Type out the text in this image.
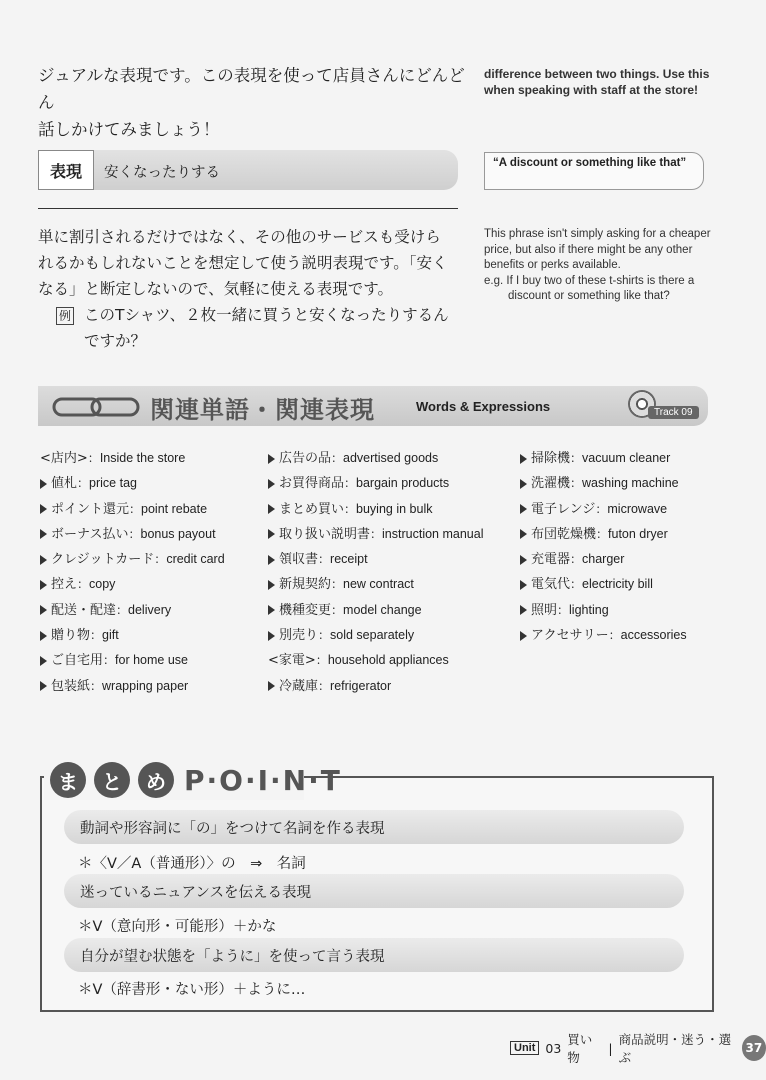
ジュアルな表現です。この表現を使って店員さんにどんどん
話しかけてみましょう！
difference between two things. Use this when speaking with staff at the store!
表現	安くなったりする
“A discount or something like that”
単に割引されるだけではなく、その他のサービスも受けら
れるかもしれないことを想定して使う説明表現です。「安く
なる」と断定しないので、気軽に使える表現です。
例 このTシャツ、２枚一緒に買うと安くなったりするん
ですか？
This phrase isn't simply asking for a cheaper price, but also if there might be any other benefits or perks available.
e.g. If I buy two of these t-shirts is there a discount or something like that?
関連単語・関連表現	Words & Expressions	Track 09
<店内>：Inside the store
値札：price tag
ポイント還元：point rebate
ボーナス払い：bonus payout
クレジットカード：credit card
控え：copy
配送・配達：delivery
贈り物：gift
ご自宅用：for home use
包装紙：wrapping paper
広告の品：advertised goods
お買得商品：bargain products
まとめ買い：buying in bulk
取り扱い説明書：instruction manual
領収書：receipt
新規契約：new contract
機種変更：model change
別売り：sold separately
<家電>：household appliances
冷蔵庫：refrigerator
掃除機：vacuum cleaner
洗濯機：washing machine
電子レンジ：microwave
布団乾燥機：futon dryer
充電器：charger
電気代：electricity bill
照明：lighting
アクセサリー：accessories
ま	と	め P·O·I·N·T
動詞や形容詞に「の」をつけて名詞を作る表現
＊〈V／A（普通形）〉の　⇒　名詞
迷っているニュアンスを伝える表現
＊V（意向形・可能形）＋かな
自分が望む状態を「ように」を使って言う表現
＊V（辞書形・ない形）＋ように…
Unit 03
買い物
|
商品説明・迷う・選ぶ
37
